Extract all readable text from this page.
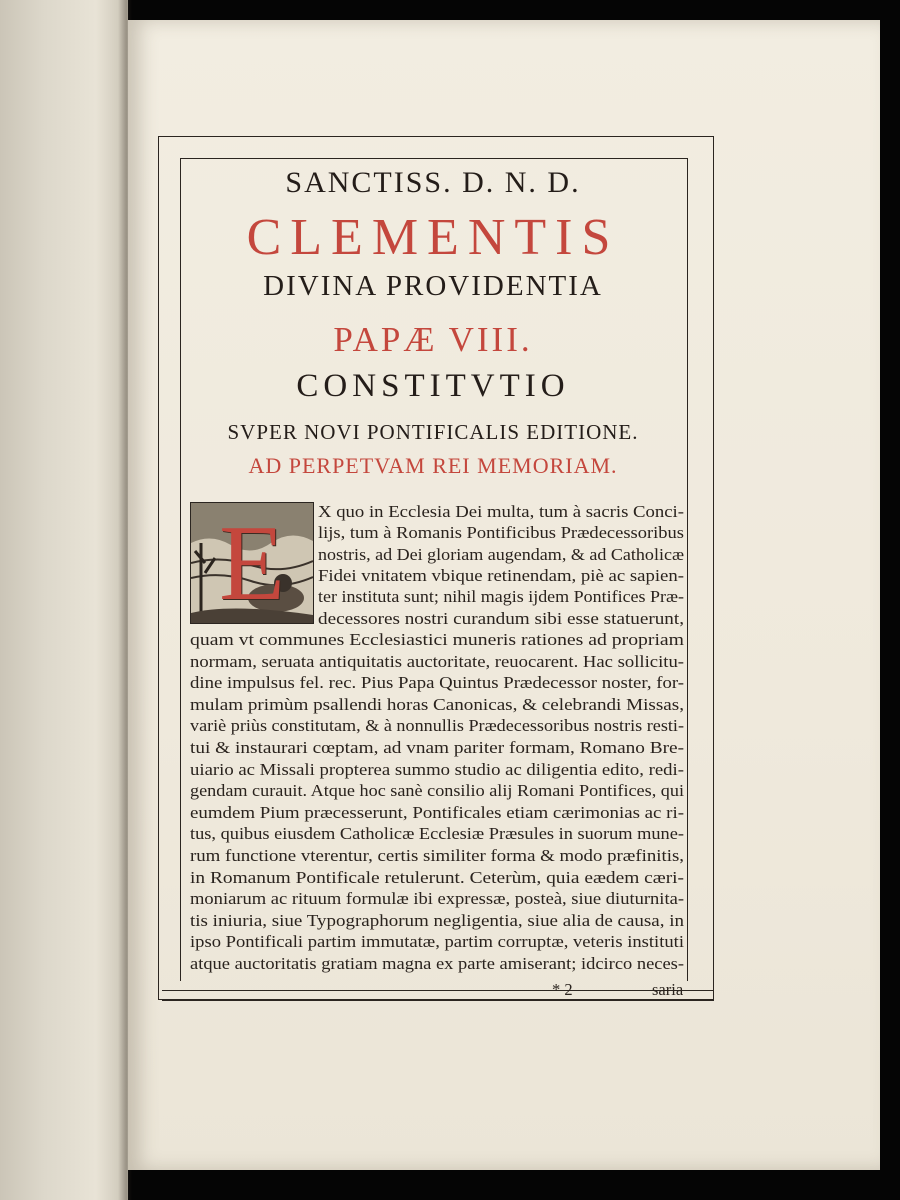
SANCTISS. D. N. D.
CLEMENTIS
DIVINA PROVIDENTIA
PAPÆ VIII.
CONSTITVTIO
SVPER NOVI PONTIFICALIS EDITIONE.
AD PERPETVAM REI MEMORIAM.
E	X quo in Ecclesia Dei multa, tum à sacris Conci-
lijs, tum à Romanis Pontificibus Prædecessoribus
nostris, ad Dei gloriam augendam, & ad Catholicæ
Fidei vnitatem vbique retinendam, piè ac sapien-
ter instituta sunt; nihil magis ijdem Pontifices Præ-
decessores nostri curandum sibi esse statuerunt,
quam vt communes Ecclesiastici muneris rationes ad propriam
normam, seruata antiquitatis auctoritate, reuocarent. Hac sollicitu-
dine impulsus fel. rec. Pius Papa Quintus Prædecessor noster, for-
mulam primùm psallendi horas Canonicas, & celebrandi Missas,
variè priùs constitutam, & à nonnullis Prædecessoribus nostris resti-
tui & instaurari cœptam, ad vnam pariter formam, Romano Bre-
uiario ac Missali propterea summo studio ac diligentia edito, redi-
gendam curauit. Atque hoc sanè consilio alij Romani Pontifices, qui
eumdem Pium præcesserunt, Pontificales etiam cærimonias ac ri-
tus, quibus eiusdem Catholicæ Ecclesiæ Præsules in suorum mune-
rum functione vterentur, certis similiter forma & modo præfinitis,
in Romanum Pontificale retulerunt. Ceterùm, quia eædem cæri-
moniarum ac rituum formulæ ibi expressæ, posteà, siue diuturnita-
tis iniuria, siue Typographorum negligentia, siue alia de causa, in
ipso Pontificali partim immutatæ, partim corruptæ, veteris instituti
atque auctoritatis gratiam magna ex parte amiserant; idcirco neces-
* 2	saria
